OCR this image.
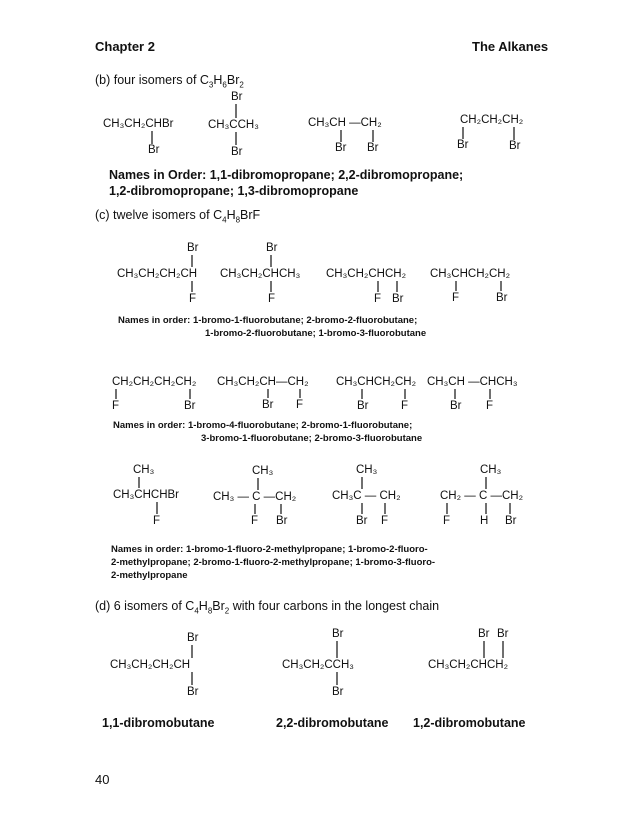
Chapter 2	The Alkanes
(b) four isomers of $C_3H_6Br_2$
CH₃CH₂CHBr
Br
Br
CH₃CCH₃
Br
CH₃CH —CH₂
Br Br
CH₂CH₂CH₂
Br	Br
Names in Order: 1,1-dibromopropane; 2,2-dibromopropane;
1,2-dibromopropane; 1,3-dibromopropane
(c) twelve isomers of $C_4H_8BrF$
Br
CH₃CH₂CH₂CH
F
Br
CH₃CH₂CHCH₃
F
CH₃CH₂CHCH₂
F Br
CH₃CHCH₂CH₂
F	Br
Names in order: 1-bromo-1-fluorobutane; 2-bromo-2-fluorobutane;
1-bromo-2-fluorobutane; 1-bromo-3-fluorobutane
CH₂CH₂CH₂CH₂
F	Br
CH₃CH₂CH—CH₂
Br F
CH₃CHCH₂CH₂
Br	F
CH₃CH —CHCH₃
Br F
Names in order: 1-bromo-4-fluorobutane; 2-bromo-1-fluorobutane;
3-bromo-1-fluorobutane; 2-bromo-3-fluorobutane
CH₃
CH₃CHCHBr
F
CH₃
CH₃ — C —CH₂
F Br
CH₃
CH₃C — CH₂
Br F
CH₃
CH₂ — C —CH₂
F	H Br
Names in order: 1-bromo-1-fluoro-2-methylpropane; 1-bromo-2-fluoro-
2-methylpropane; 2-bromo-1-fluoro-2-methylpropane; 1-bromo-3-fluoro-
2-methylpropane
(d) 6 isomers of $C_4H_8Br_2$ with four carbons in the longest chain
Br
CH₃CH₂CH₂CH
Br
Br
CH₃CH₂CCH₃
Br
Br Br
CH₃CH₂CHCH₂
1,1-dibromobutane	2,2-dibromobutane 1,2-dibromobutane
40
